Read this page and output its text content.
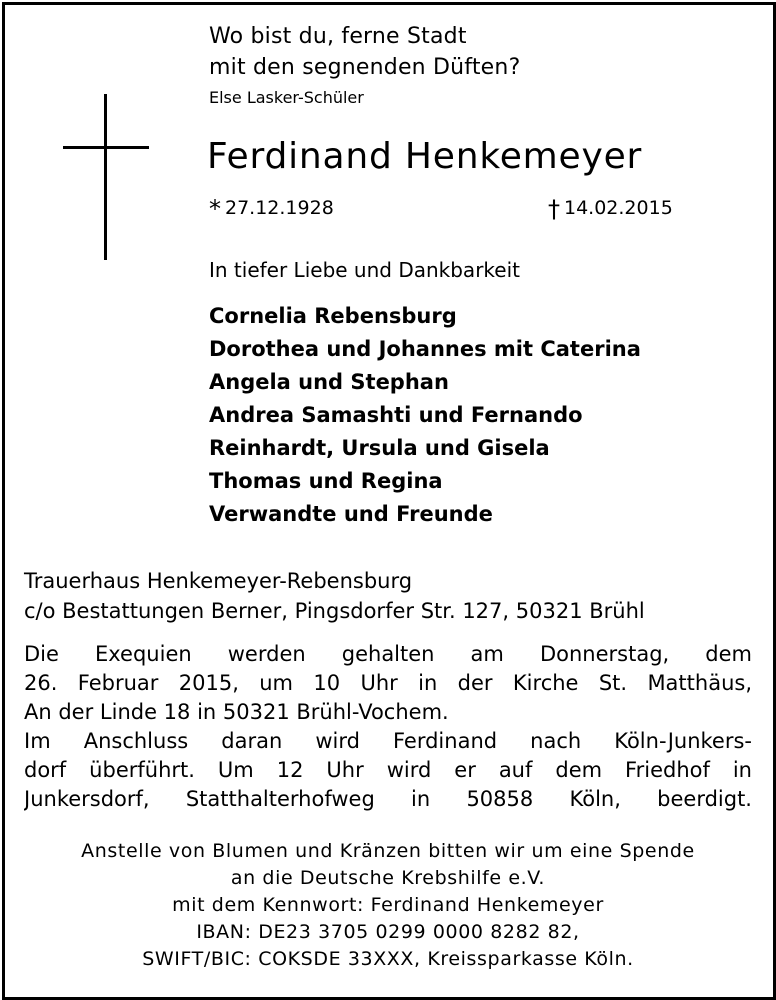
Wo bist du, ferne Stadt
mit den segnenden Düften?
Else Lasker-Schüler
Ferdinand Henkemeyer
* 27.12.1928	† 14.02.2015
In tiefer Liebe und Dankbarkeit
Cornelia Rebensburg
Dorothea und Johannes mit Caterina
Angela und Stephan
Andrea Samashti und Fernando
Reinhardt, Ursula und Gisela
Thomas und Regina
Verwandte und Freunde
Trauerhaus Henkemeyer-Rebensburg
c/o Bestattungen Berner, Pingsdorfer Str. 127, 50321 Brühl
Die Exequien werden gehalten am Donnerstag, dem
26. Februar 2015, um 10 Uhr in der Kirche St. Matthäus,
An der Linde 18 in 50321 Brühl-Vochem.
Im Anschluss daran wird Ferdinand nach Köln-Junkers-
dorf überführt. Um 12 Uhr wird er auf dem Friedhof in
Junkersdorf, Statthalterhofweg in 50858 Köln, beerdigt.
Anstelle von Blumen und Kränzen bitten wir um eine Spende
an die Deutsche Krebshilfe e.V.
mit dem Kennwort: Ferdinand Henkemeyer
IBAN: DE23 3705 0299 0000 8282 82,
SWIFT/BIC: COKSDE 33XXX, Kreissparkasse Köln.
